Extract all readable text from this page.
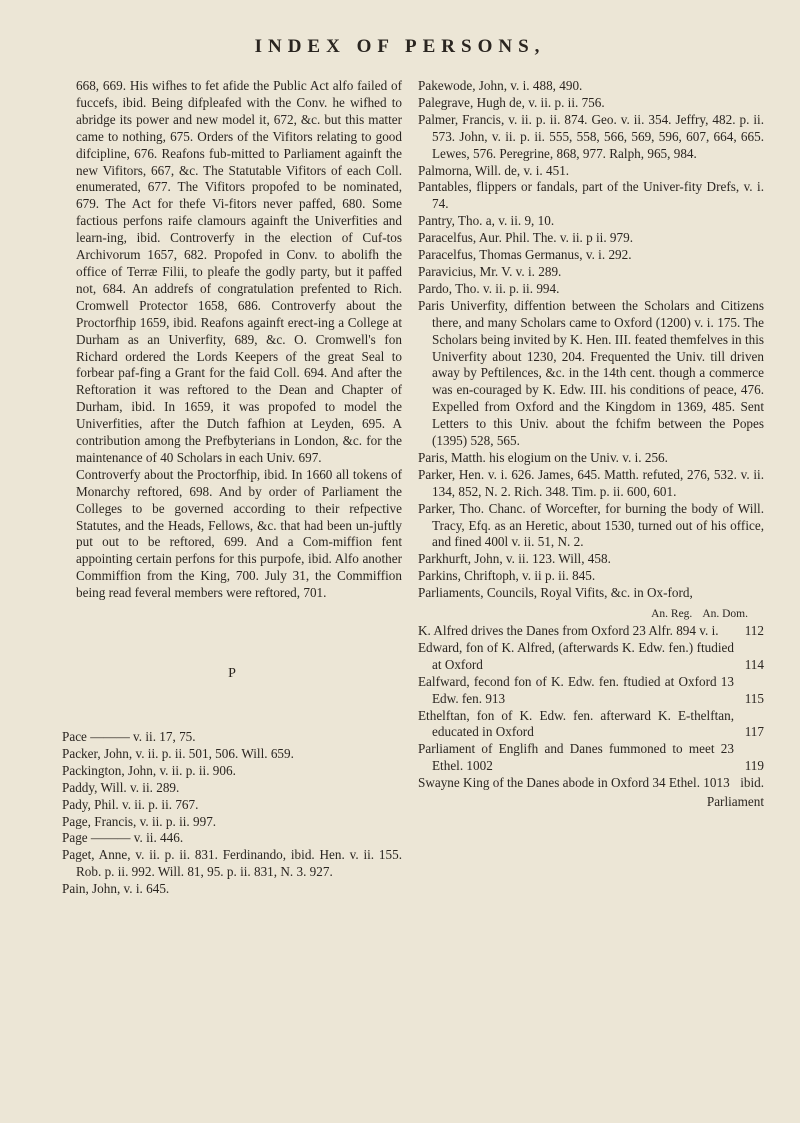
INDEX OF PERSONS,

668, 669. His wifhes to fet afide the Public Act alfo failed of fuccefs, ibid. Being difpleafed with the Conv. he wifhed to abridge its power and new model it, 672, &c. but this matter came to nothing, 675. Orders of the Vifitors relating to good difcipline, 676. Reafons fub-mitted to Parliament againft the new Vifitors, 667, &c. The Statutable Vifitors of each Coll. enumerated, 677. The Vifitors propofed to be nominated, 679. The Act for thefe Vi-fitors never paffed, 680. Some factious perfons raife clamours againft the Univerfities and learn-ing, ibid. Controverfy in the election of Cuf-tos Archivorum 1657, 682. Propofed in Conv. to abolifh the office of Terræ Filii, to pleafe the godly party, but it paffed not, 684. An addrefs of congratulation prefented to Rich. Cromwell Protector 1658, 686. Controverfy about the Proctorfhip 1659, ibid. Reafons againft erect-ing a College at Durham as an Univerfity, 689, &c. O. Cromwell's fon Richard ordered the Lords Keepers of the great Seal to forbear paf-fing a Grant for the faid Coll. 694. And after the Reftoration it was reftored to the Dean and Chapter of Durham, ibid. In 1659, it was propofed to model the Univerfities, after the Dutch fafhion at Leyden, 695. A contribution among the Prefbyterians in London, &c. for the maintenance of 40 Scholars in each Univ. 697.

Controverfy about the Proctorfhip, ibid. In 1660 all tokens of Monarchy reftored, 698. And by order of Parliament the Colleges to be governed according to their refpective Statutes, and the Heads, Fellows, &c. that had been un-juftly put out to be reftored, 699. And a Com-miffion fent appointing certain perfons for this purpofe, ibid. Alfo another Commiffion from the King, 700. July 31, the Commiffion being read feveral members were reftored, 701.

P

Pace ——— v. ii. 17, 75.

Packer, John, v. ii. p. ii. 501, 506. Will. 659.

Packington, John, v. ii. p. ii. 906.

Paddy, Will. v. ii. 289.

Pady, Phil. v. ii. p. ii. 767.

Page, Francis, v. ii. p. ii. 997.

Page ——— v. ii. 446.

Paget, Anne, v. ii. p. ii. 831. Ferdinando, ibid. Hen. v. ii. 155. Rob. p. ii. 992. Will. 81, 95. p. ii. 831, N. 3. 927.

Pain, John, v. i. 645.

Pakewode, John, v. i. 488, 490.

Palegrave, Hugh de, v. ii. p. ii. 756.

Palmer, Francis, v. ii. p. ii. 874. Geo. v. ii. 354. Jeffry, 482. p. ii. 573. John, v. ii. p. ii. 555, 558, 566, 569, 596, 607, 664, 665. Lewes, 576. Peregrine, 868, 977. Ralph, 965, 984.

Palmorna, Will. de, v. i. 451.

Pantables, flippers or fandals, part of the Univer-fity Drefs, v. i. 74.

Pantry, Tho. a, v. ii. 9, 10.

Paracelfus, Aur. Phil. The. v. ii. p ii. 979.

Paracelfus, Thomas Germanus, v. i. 292.

Paravicius, Mr. V. v. i. 289.

Pardo, Tho. v. ii. p. ii. 994.

Paris Univerfity, diffention between the Scholars and Citizens there, and many Scholars came to Oxford (1200) v. i. 175. The Scholars being invited by K. Hen. III. feated themfelves in this Univerfity about 1230, 204. Frequented the Univ. till driven away by Peftilences, &c. in the 14th cent. though a commerce was en-couraged by K. Edw. III. his conditions of peace, 476. Expelled from Oxford and the Kingdom in 1369, 485. Sent Letters to this Univ. about the fchifm between the Popes (1395) 528, 565.

Paris, Matth. his elogium on the Univ. v. i. 256.

Parker, Hen. v. i. 626. James, 645. Matth. refuted, 276, 532. v. ii. 134, 852, N. 2. Rich. 348. Tim. p. ii. 600, 601.

Parker, Tho. Chanc. of Worcefter, for burning the body of Will. Tracy, Efq. as an Heretic, about 1530, turned out of his office, and fined 400l v. ii. 51, N. 2.

Parkhurft, John, v. ii. 123. Will, 458.

Parkins, Chriftoph, v. ii p. ii. 845.

Parliaments, Councils, Royal Vifits, &c. in Ox-ford,

An. Reg. An. Dom.
K. Alfred drives the Danes from Oxford 23 Alfr. 894 v. i.	112
Edward, fon of K. Alfred, (afterwards K. Edw. fen.) ftudied at Oxford	114
Ealfward, fecond fon of K. Edw. fen. ftudied at Oxford 13 Edw. fen. 913	115
Ethelftan, fon of K. Edw. fen. afterward K. E-thelftan, educated in Oxford	117
Parliament of Englifh and Danes fummoned to meet 23 Ethel. 1002	119
Swayne King of the Danes abode in Oxford 34 Ethel. 1013 ibid.
Parliament
